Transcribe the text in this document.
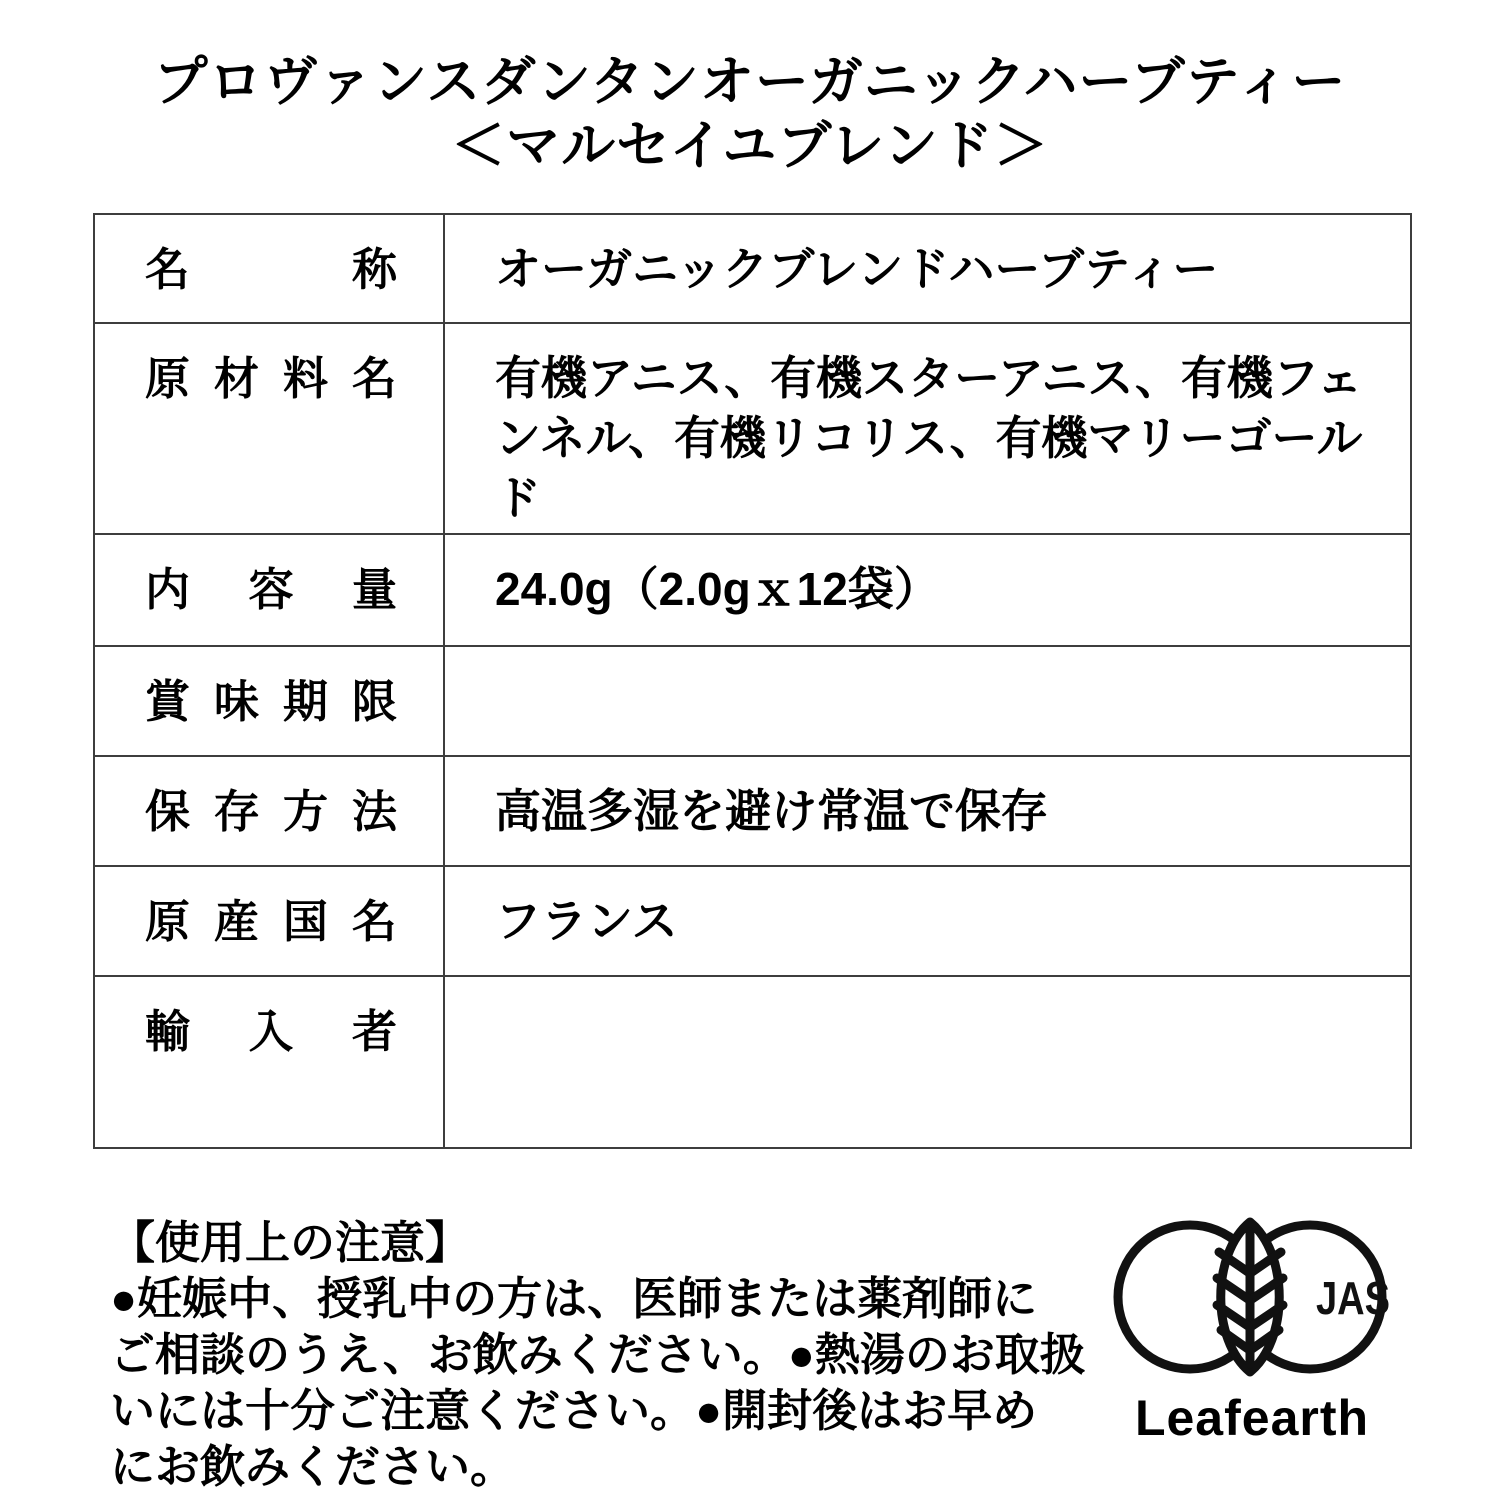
プロヴァンスダンタンオーガニックハーブティー
＜マルセイユブレンド＞
名 称	オーガニックブレンドハーブティー

原 材 料 名	有機アニス、有機スターアニス、有機フェンネル、有機リコリス、有機マリーゴールド

内 容 量	24.0g（2.0gｘ12袋）

賞 味 期 限	

保 存 方 法	高温多湿を避け常温で保存

原 産 国 名	フランス

輸 入 者	

【使用上の注意】
●妊娠中、授乳中の方は、医師または薬剤師に
ご相談のうえ、お飲みください。●熱湯のお取扱
いには十分ご注意ください。●開封後はお早め
にお飲みください。
JAS
Leafearth
